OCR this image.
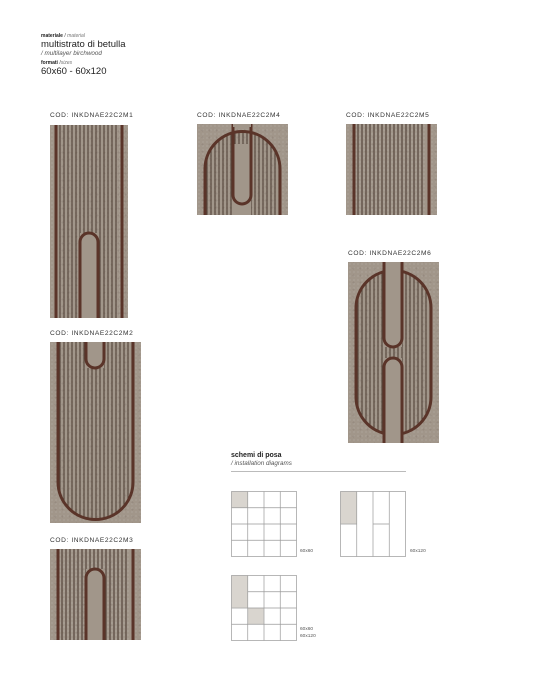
materiale / material
multistrato di betulla
/ multilayer birchwood
formati /sizes
60x60 - 60x120
COD: INKDNAE22C2M1	COD: INKDNAE22C2M4	COD: INKDNAE22C2M5
COD: INKDNAE22C2M6
COD: INKDNAE22C2M2
COD: INKDNAE22C2M3
schemi di posa
/ installation diagrams
60x60	60x120
60x60
60x120
